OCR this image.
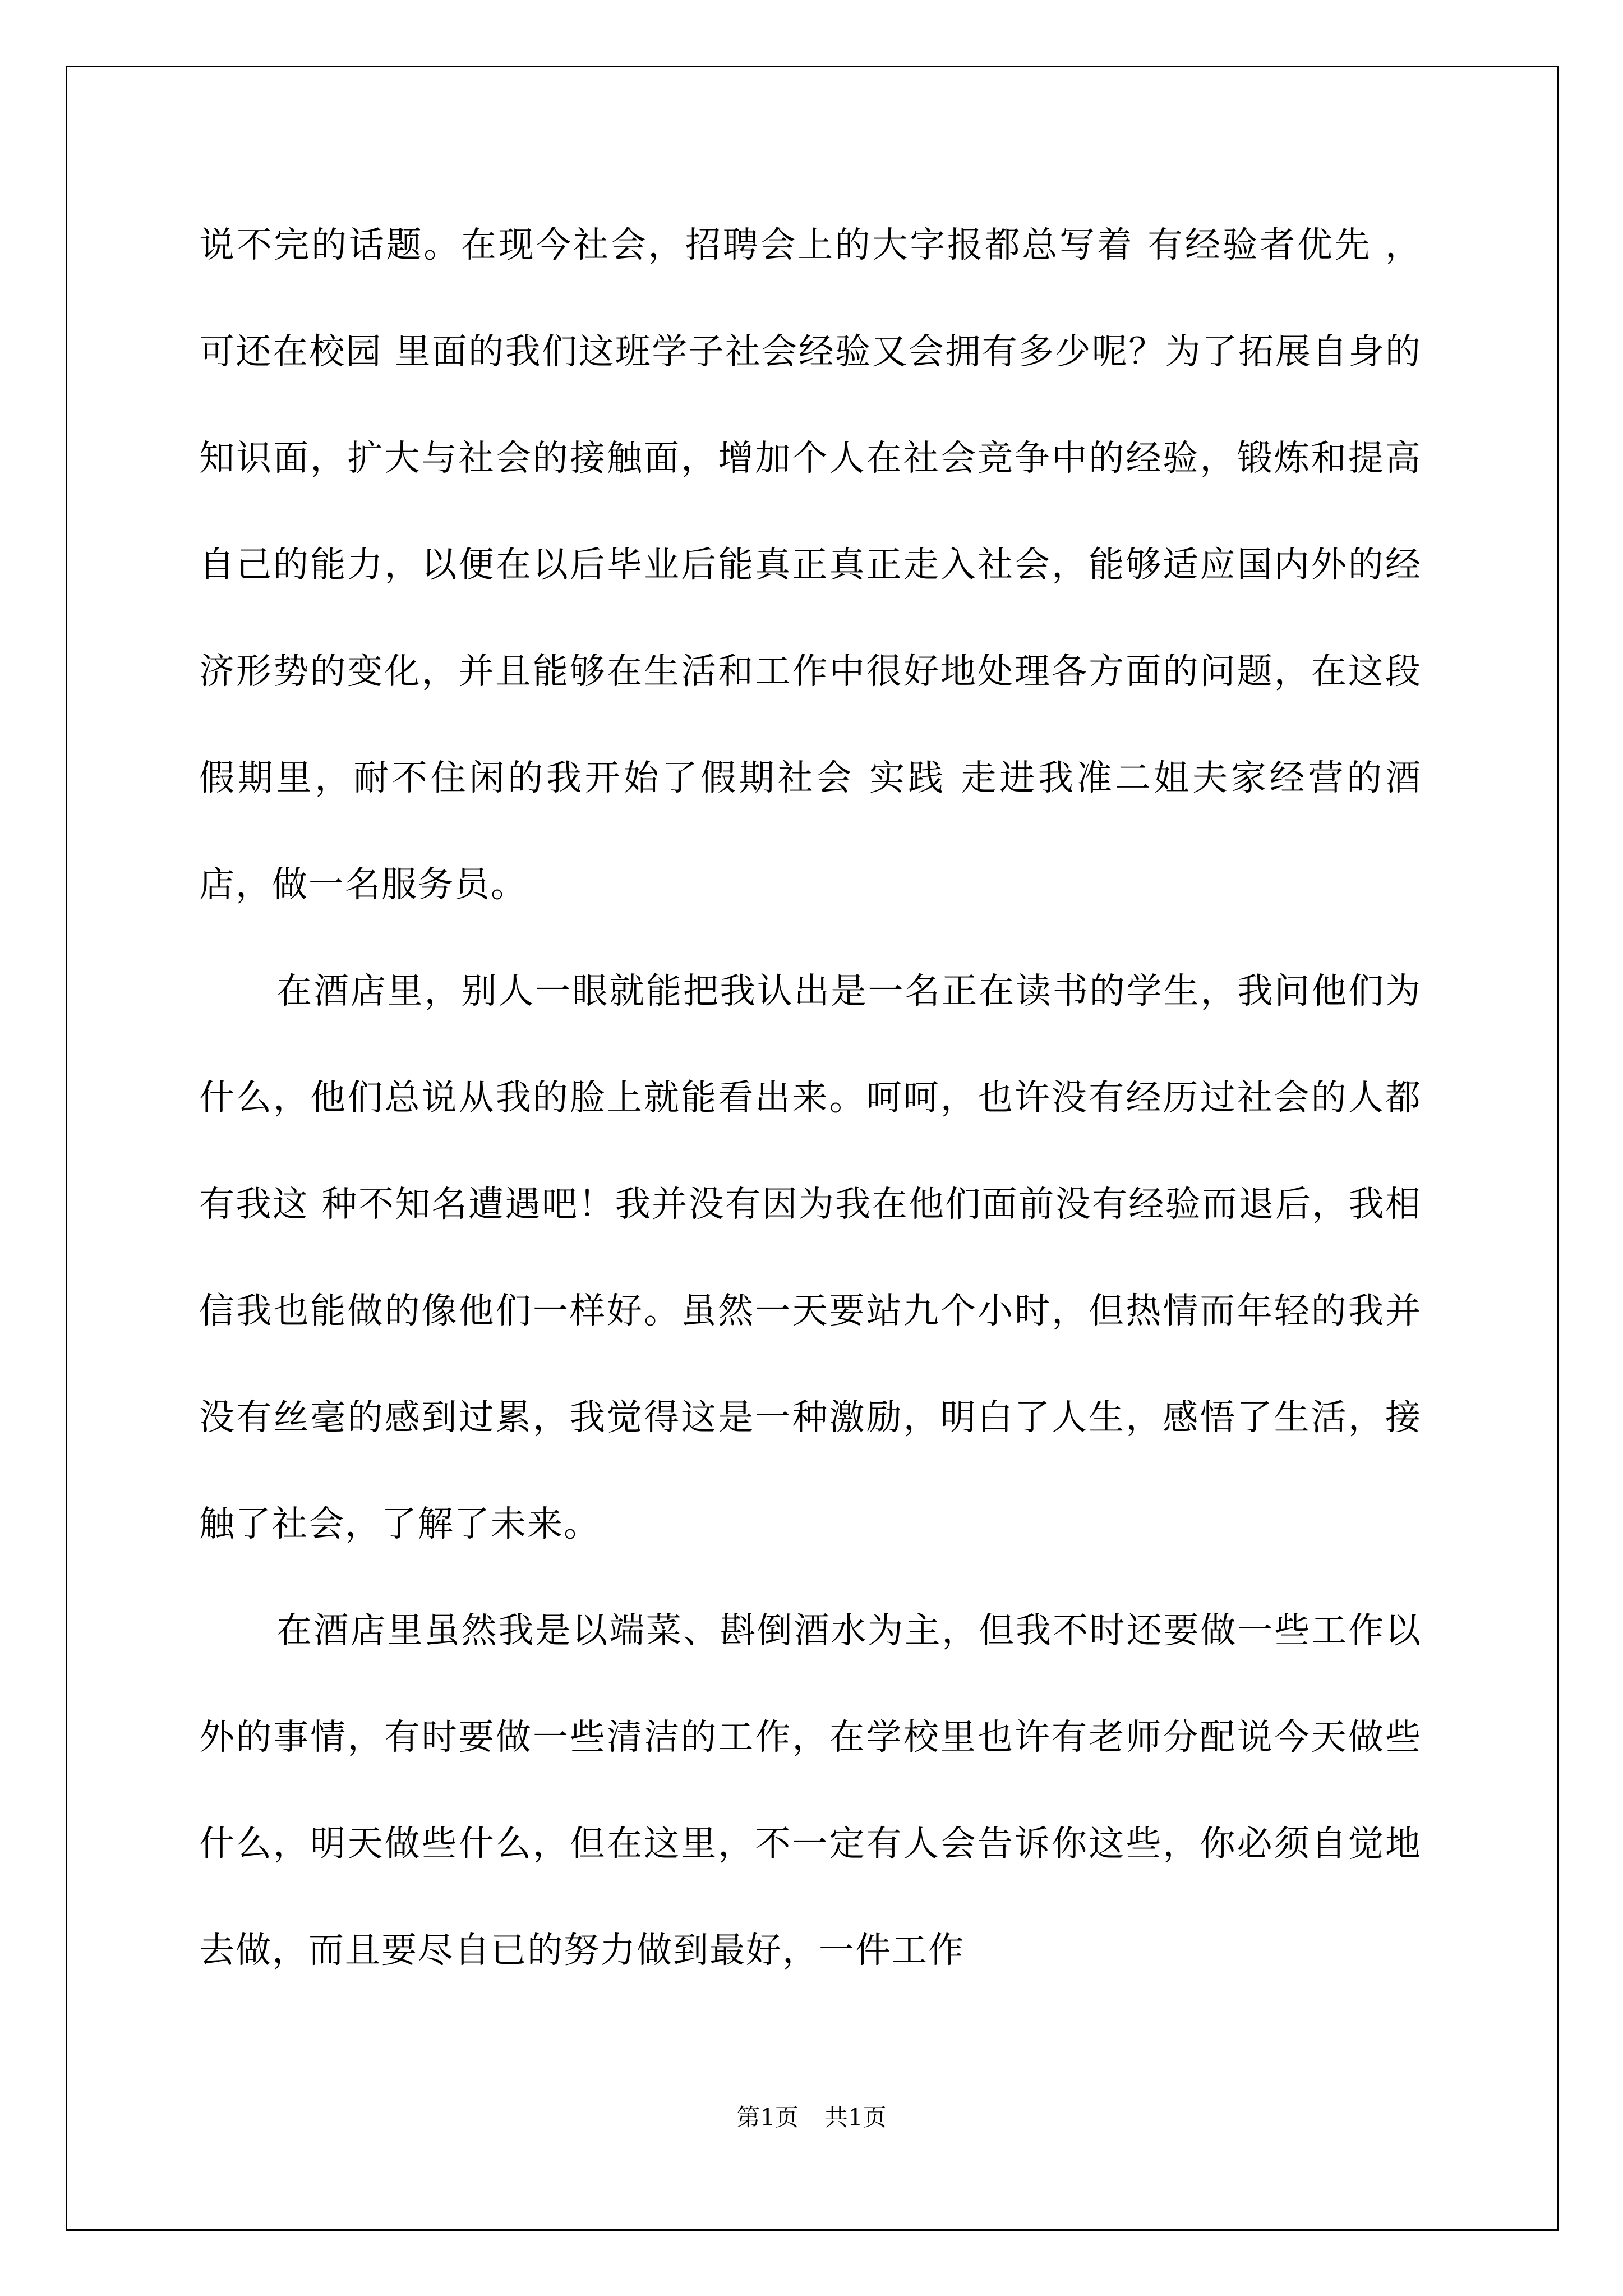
说不完的话题。在现今社会，招聘会上的大字报都总写着 有经验者优先 ，可还在校园 里面的我们这班学子社会经验又会拥有多少呢？为了拓展自身的知识面，扩大与社会的接触面，增加个人在社会竞争中的经验，锻炼和提高自己的能力，以便在以后毕业后能真正真正走入社会，能够适应国内外的经济形势的变化，并且能够在生活和工作中很好地处理各方面的问题，在这段假期里，耐不住闲的我开始了假期社会 实践 走进我准二姐夫家经营的酒店，做一名服务员。

在酒店里，别人一眼就能把我认出是一名正在读书的学生，我问他们为什么，他们总说从我的脸上就能看出来。呵呵，也许没有经历过社会的人都有我这 种不知名遭遇吧！我并没有因为我在他们面前没有经验而退后，我相信我也能做的像他们一样好。虽然一天要站九个小时，但热情而年轻的我并没有丝毫的感到过累，我觉得这是一种激励，明白了人生，感悟了生活，接触了社会，了解了未来。

在酒店里虽然我是以端菜、斟倒酒水为主，但我不时还要做一些工作以外的事情，有时要做一些清洁的工作，在学校里也许有老师分配说今天做些什么，明天做些什么，但在这里，不一定有人会告诉你这些，你必须自觉地去做，而且要尽自已的努力做到最好，一件工作

第1页 共1页
